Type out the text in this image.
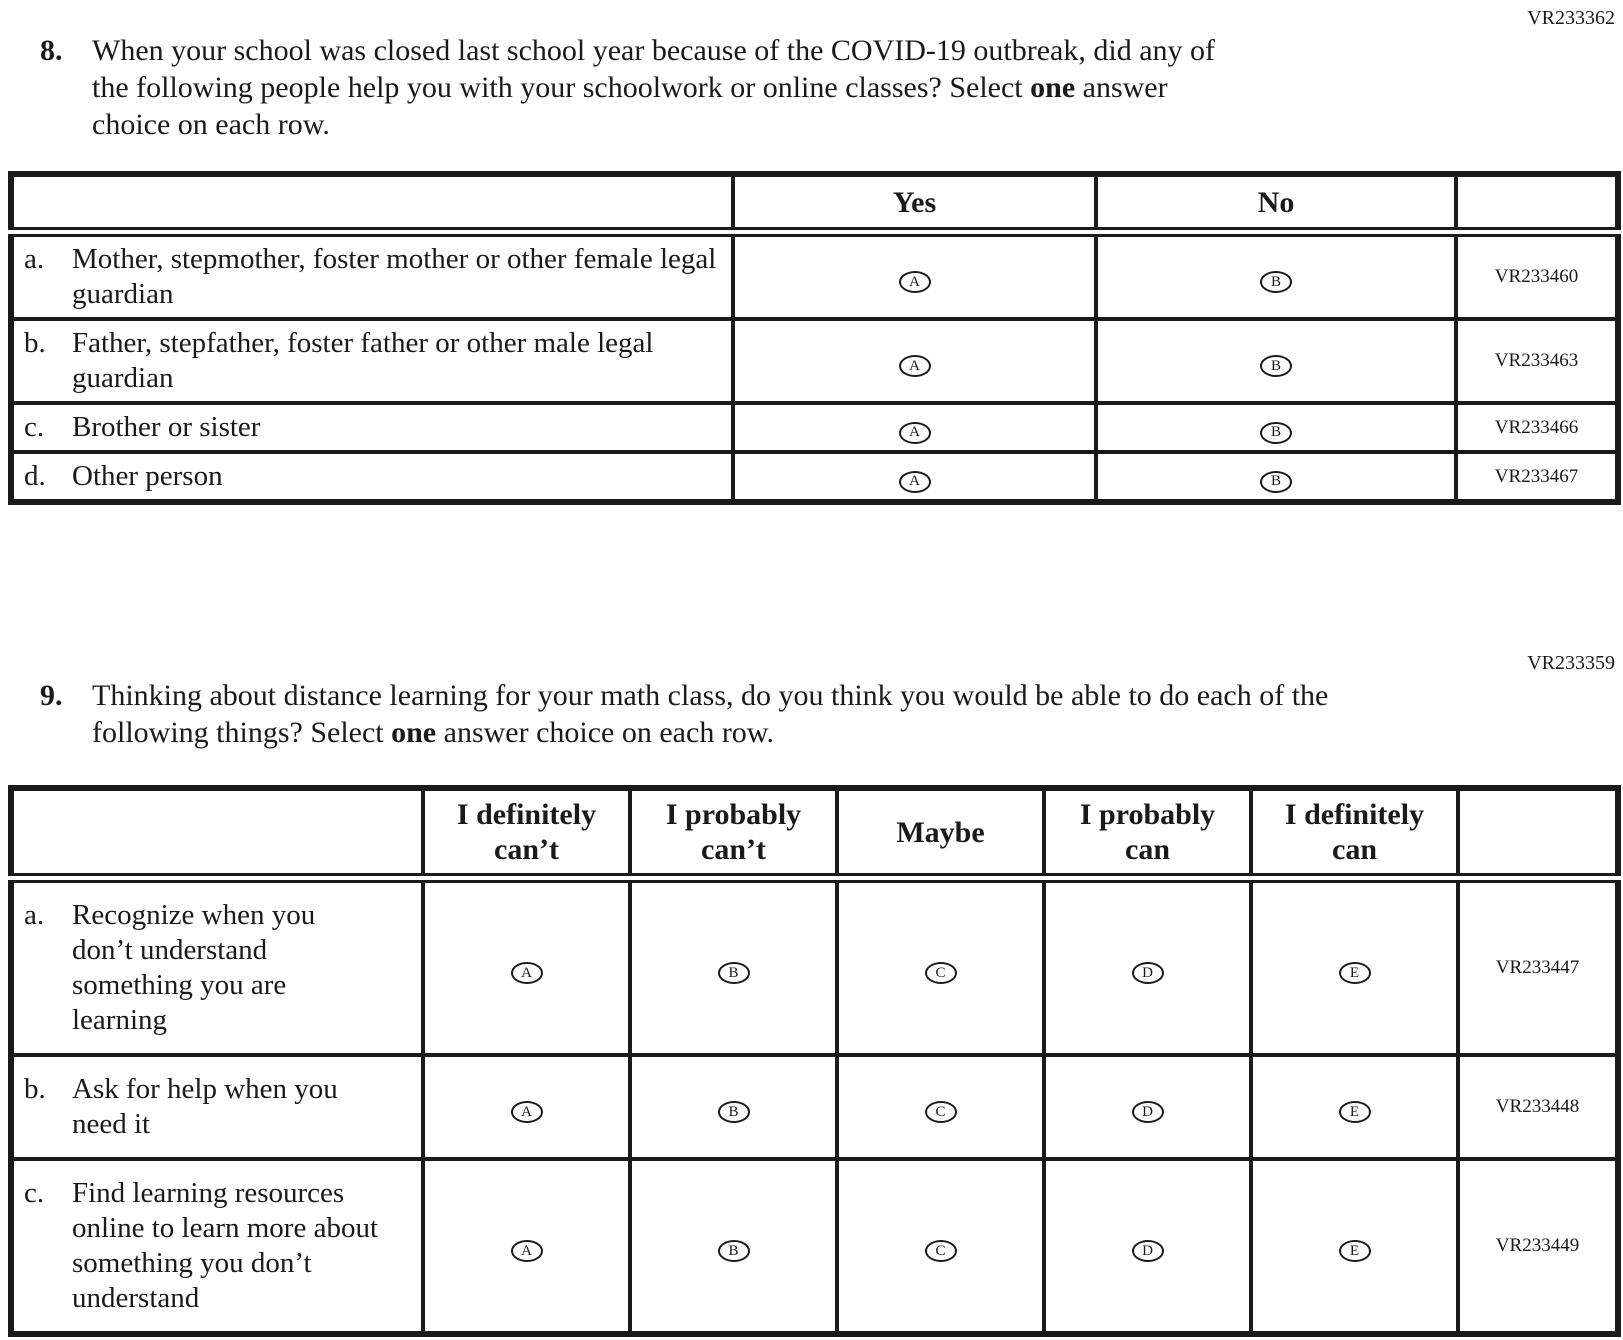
VR233362
8. When your school was closed last school year because of the COVID-19 outbreak, did any of the following people help you with your schoolwork or online classes? Select one answer choice on each row.
	Yes	No	

a. Mother, stepmother, foster mother or other female legal guardian	A	B	VR233460

b. Father, stepfather, foster father or other male legal guardian	A	B	VR233463

c. Brother or sister	A	B	VR233466

d. Other person	A	B	VR233467
VR233359
9. Thinking about distance learning for your math class, do you think you would be able to do each of the following things? Select one answer choice on each row.
	I definitely can’t	I probably can’t	Maybe	I probably can	I definitely can	

a. Recognize when you don’t understand something you are learning	A	B	C	D	E	VR233447

b. Ask for help when you need it	A	B	C	D	E	VR233448

c. Find learning resources online to learn more about something you don’t understand	A	B	C	D	E	VR233449
